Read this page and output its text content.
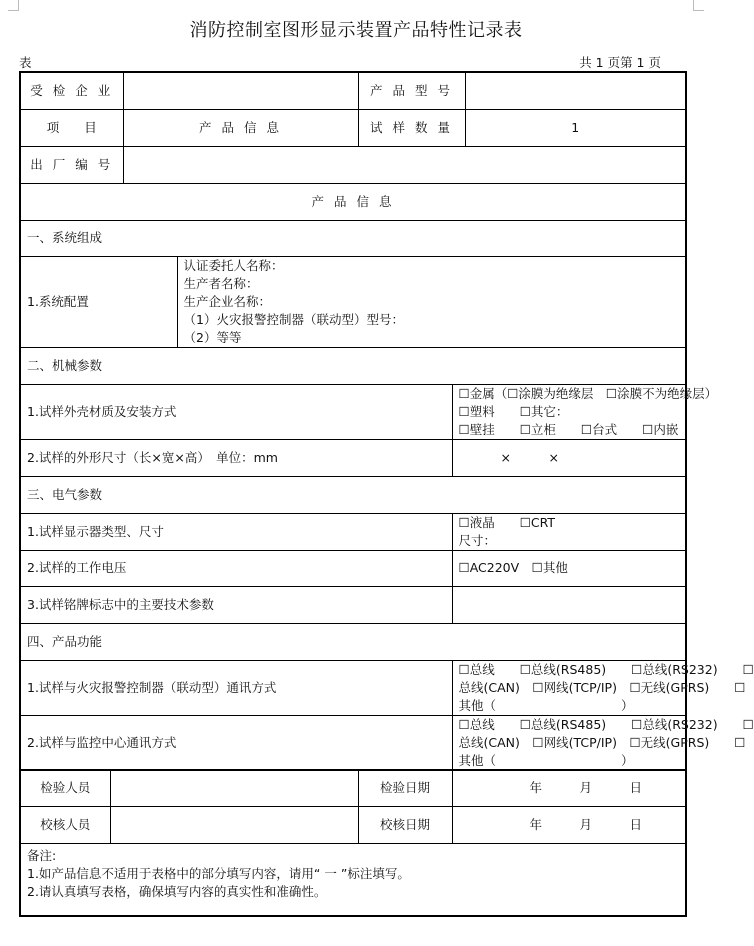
消防控制室图形显示装置产品特性记录表
表	共 1 页第 1 页
受 检 企 业			产 品 型 号		
项　　目	产 品 信 息		试 样 数 量		1
出 厂 编 号					
产 品 信 息					
一、系统组成					
1.系统配置		认证委托人名称：
生产者名称：
生产企业名称：
（1）火灾报警控制器（联动型）型号：
（2）等等			

二、机械参数					
1.试样外壳材质及安装方式				☐金属（☐涂膜为绝缘层　☐涂膜不为绝缘层）
☐塑料　　☐其它：
☐壁挂　　☐立柜　　☐台式　　☐内嵌	

2.试样的外形尺寸（长×宽×高）　单位：mm				×　　　×	
三、电气参数					
1.试样显示器类型、尺寸				☐液晶　　☐CRT
尺寸：	

2.试样的工作电压				☐AC220V　☐其他	
3.试样铭牌标志中的主要技术参数					
四、产品功能					
1.试样与火灾报警控制器（联动型）通讯方式				☐总线　　☐总线(RS485)　　☐总线(RS232)　　☐
总线(CAN)　☐网线(TCP/IP)　☐无线(GPRS)　　☐
其他（　　　　　　　　　　）	

2.试样与监控中心通讯方式				☐总线　　☐总线(RS485)　　☐总线(RS232)　　☐
总线(CAN)　☐网线(TCP/IP)　☐无线(GPRS)　　☐
其他（　　　　　　　　　　）	
检验人员		检验日期	年　　　月　　　日
校核人员		校核日期	年　　　月　　　日

备注:
1.如产品信息不适用于表格中的部分填写内容，请用“ 一 ”标注填写。
2.请认真填写表格，确保填写内容的真实性和准确性。			
